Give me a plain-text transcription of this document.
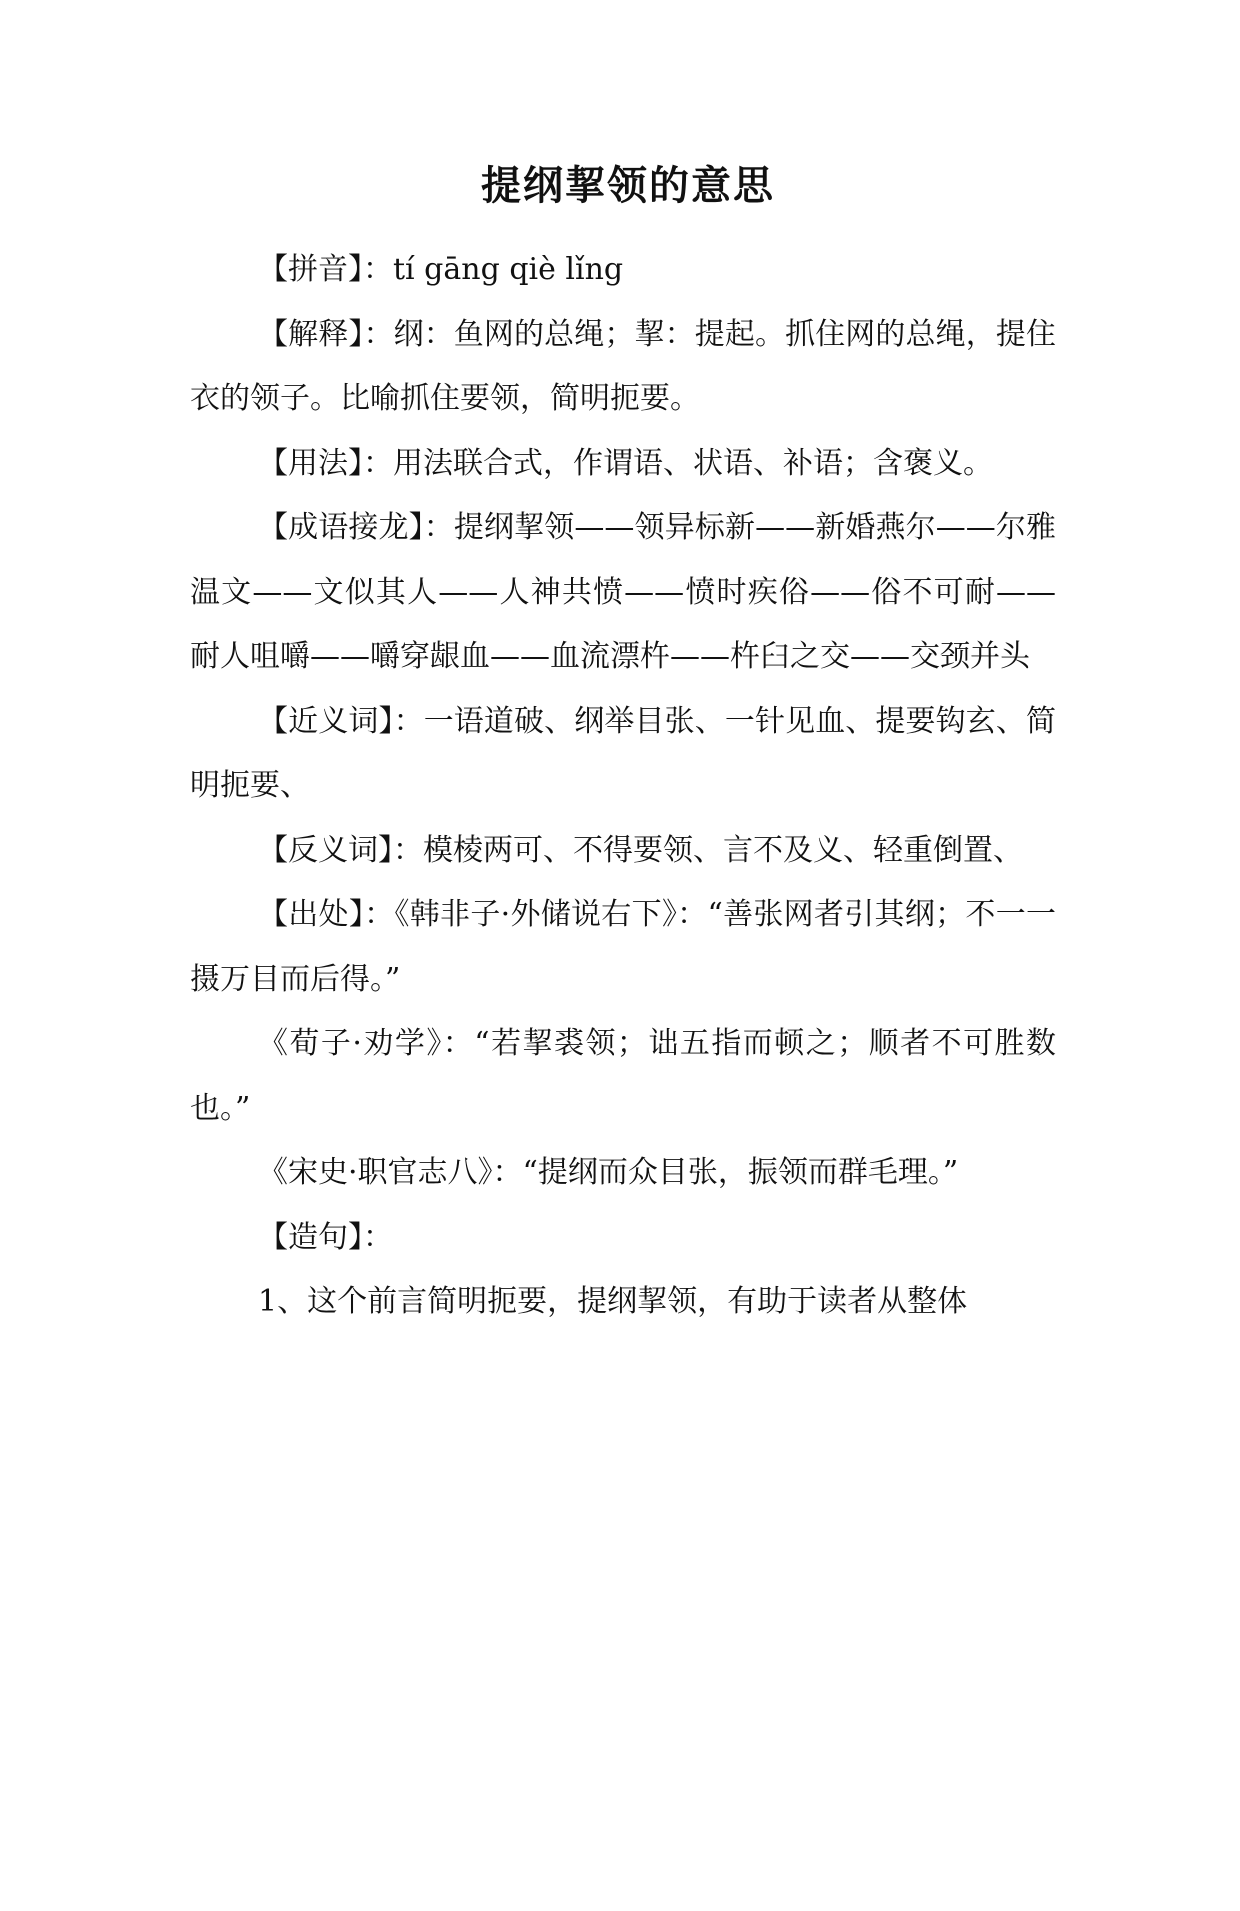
提纲挈领的意思

【拼音】：tí gāng qiè lǐng

【解释】：纲：鱼网的总绳；挈：提起。抓住网的总绳，提住衣的领子。比喻抓住要领，简明扼要。

【用法】：用法联合式，作谓语、状语、补语；含褒义。

【成语接龙】：提纲挈领——领异标新——新婚燕尔——尔雅温文——文似其人——人神共愤——愤时疾俗——俗不可耐——耐人咀嚼——嚼穿龈血——血流漂杵——杵臼之交——交颈并头

【近义词】：一语道破、纲举目张、一针见血、提要钩玄、简明扼要、

【反义词】：模棱两可、不得要领、言不及义、轻重倒置、

【出处】：《韩非子·外储说右下》：“善张网者引其纲；不一一摄万目而后得。”

《荀子·劝学》：“若挈裘领；诎五指而顿之；顺者不可胜数也。”

《宋史·职官志八》：“提纲而众目张，振领而群毛理。”

【造句】：

1、这个前言简明扼要，提纲挈领，有助于读者从整体
